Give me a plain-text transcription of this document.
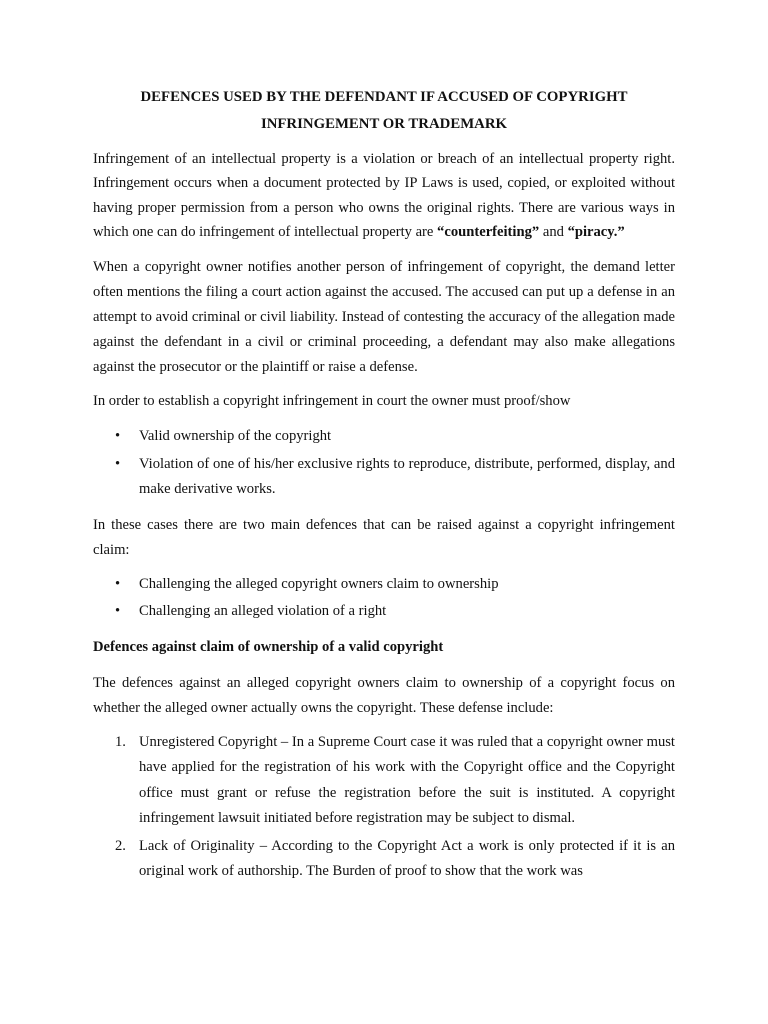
DEFENCES USED BY THE DEFENDANT IF ACCUSED OF COPYRIGHT
INFRINGEMENT OR TRADEMARK

Infringement of an intellectual property is a violation or breach of an intellectual property right. Infringement occurs when a document protected by IP Laws is used, copied, or exploited without having proper permission from a person who owns the original rights. There are various ways in which one can do infringement of intellectual property are “counterfeiting” and “piracy.”

When a copyright owner notifies another person of infringement of copyright, the demand letter often mentions the filing a court action against the accused. The accused can put up a defense in an attempt to avoid criminal or civil liability. Instead of contesting the accuracy of the allegation made against the defendant in a civil or criminal proceeding, a defendant may also make allegations against the prosecutor or the plaintiff or raise a defense.

In order to establish a copyright infringement in court the owner must proof/show

• Valid ownership of the copyright
• Violation of one of his/her exclusive rights to reproduce, distribute, performed, display, and make derivative works.

In these cases there are two main defences that can be raised against a copyright infringement claim:

• Challenging the alleged copyright owners claim to ownership
• Challenging an alleged violation of a right
Defences against claim of ownership of a valid copyright

The defences against an alleged copyright owners claim to ownership of a copyright focus on whether the alleged owner actually owns the copyright. These defense include:

1. Unregistered Copyright – In a Supreme Court case it was ruled that a copyright owner must have applied for the registration of his work with the Copyright office and the Copyright office must grant or refuse the registration before the suit is instituted. A copyright infringement lawsuit initiated before registration may be subject to dismal.
2. Lack of Originality – According to the Copyright Act a work is only protected if it is an original work of authorship. The Burden of proof to show that the work was
